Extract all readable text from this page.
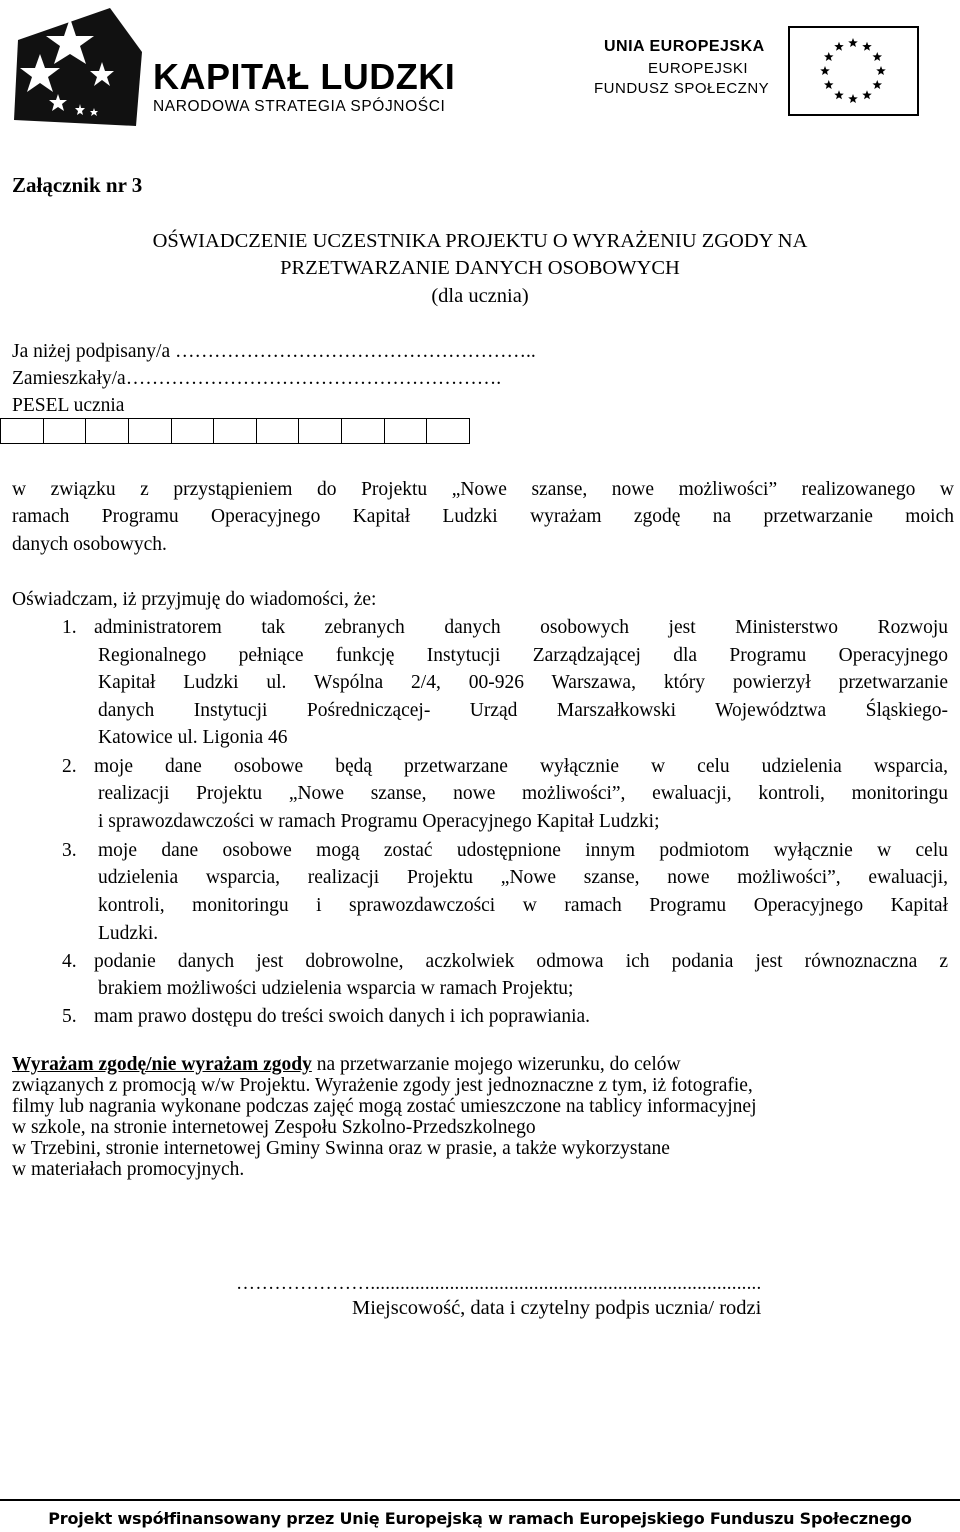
KAPITAŁ LUDZKI
NARODOWA STRATEGIA SPÓJNOŚCI
UNIA EUROPEJSKA
EUROPEJSKI
FUNDUSZ SPOŁECZNY
Załącznik nr 3
OŚWIADCZENIE UCZESTNIKA PROJEKTU O WYRAŻENIU ZGODY NA
PRZETWARZANIE DANYCH OSOBOWYCH
(dla ucznia)
Ja niżej podpisany/a ………………………………………………..
Zamieszkały/a………………………………………………….
PESEL ucznia
w związku z przystąpieniem do Projektu „Nowe szanse, nowe możliwości” realizowanego w
ramach Programu Operacyjnego Kapitał Ludzki wyrażam zgodę na przetwarzanie moich
danych osobowych.
Oświadczam, iż przyjmuję do wiadomości, że:
1. administratorem tak zebranych danych osobowych jest Ministerstwo Rozwoju
Regionalnego pełniące funkcję Instytucji Zarządzającej dla Programu Operacyjnego
Kapitał Ludzki ul. Wspólna 2/4, 00-926 Warszawa, który powierzył przetwarzanie
danych Instytucji Pośredniczącej- Urząd Marszałkowski Województwa Śląskiego-
Katowice ul. Ligonia 46
2. moje dane osobowe będą przetwarzane wyłącznie w celu udzielenia wsparcia,
realizacji Projektu „Nowe szanse, nowe możliwości”, ewaluacji, kontroli, monitoringu
i sprawozdawczości w ramach Programu Operacyjnego Kapitał Ludzki;
3. moje dane osobowe mogą zostać udostępnione innym podmiotom wyłącznie w celu
udzielenia wsparcia, realizacji Projektu „Nowe szanse, nowe możliwości”, ewaluacji,
kontroli, monitoringu i sprawozdawczości w ramach Programu Operacyjnego Kapitał
Ludzki.
4. podanie danych jest dobrowolne, aczkolwiek odmowa ich podania jest równoznaczna z
brakiem możliwości udzielenia wsparcia w ramach Projektu;
5. mam prawo dostępu do treści swoich danych i ich poprawiania.
Wyrażam zgodę/nie wyrażam zgody na przetwarzanie mojego wizerunku, do celów
związanych z promocją w/w Projektu. Wyrażenie zgody jest jednoznaczne z tym, iż fotografie,
filmy lub nagrania wykonane podczas zajęć mogą zostać umieszczone na tablicy informacyjnej
w szkole, na stronie internetowej Zespołu Szkolno-Przedszkolnego
w Trzebini, stronie internetowej Gminy Swinna oraz w prasie, a także wykorzystane
w materiałach promocyjnych.
…………………...............................................................................
Miejscowość, data i czytelny podpis ucznia/ rodzi
Projekt współfinansowany przez Unię Europejską w ramach Europejskiego Funduszu Społecznego
